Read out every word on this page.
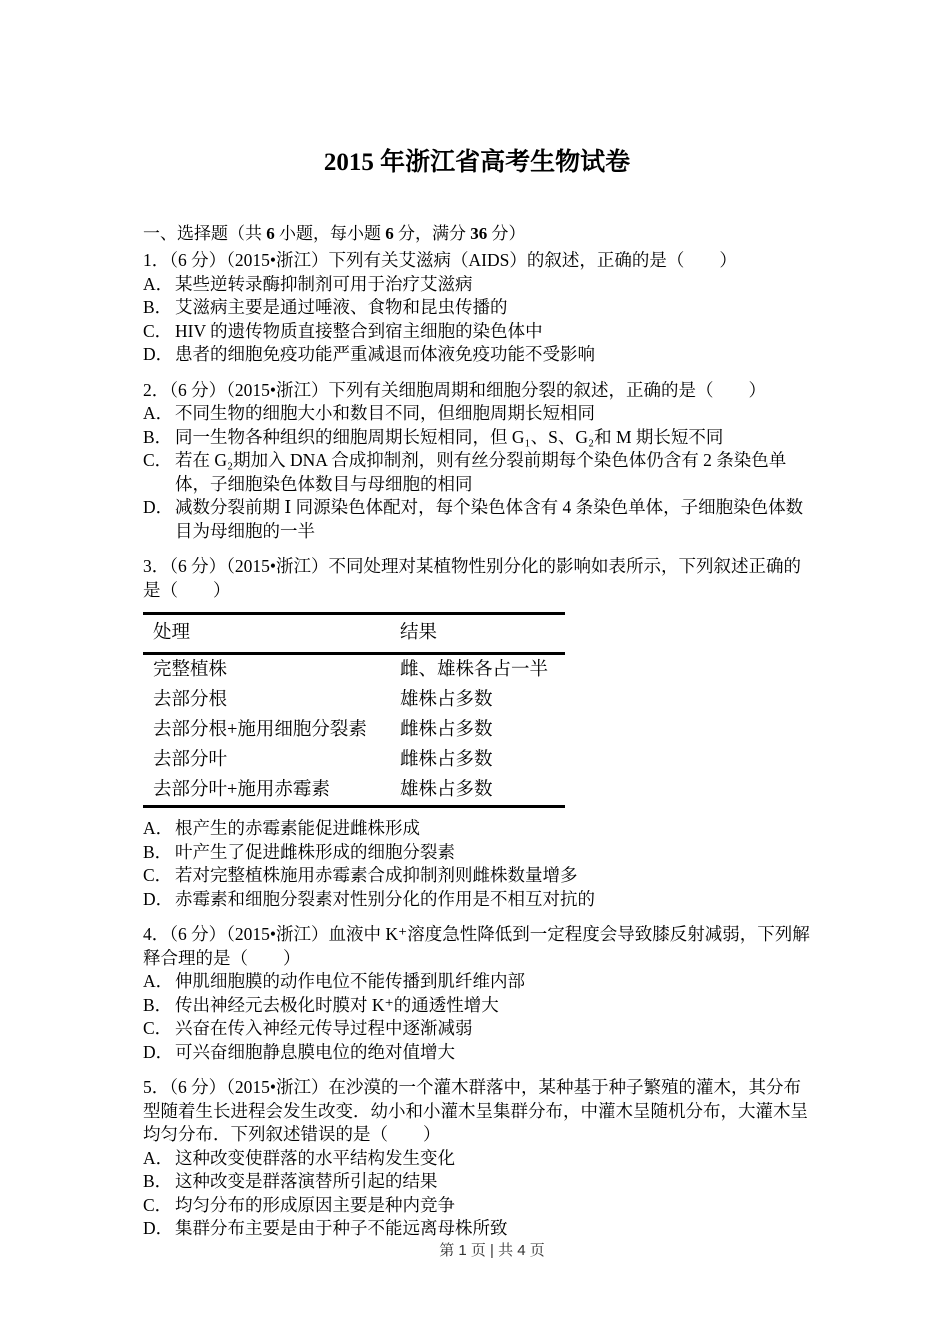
2015 年浙江省高考生物试卷
一、选择题（共 6 小题，每小题 6 分，满分 36 分）

1．（6 分）（2015•浙江）下列有关艾滋病（AIDS）的叙述，正确的是（　　）

A． 某些逆转录酶抑制剂可用于治疗艾滋病

B． 艾滋病主要是通过唾液、食物和昆虫传播的

C． HIV 的遗传物质直接整合到宿主细胞的染色体中

D． 患者的细胞免疫功能严重减退而体液免疫功能不受影响

2．（6 分）（2015•浙江）下列有关细胞周期和细胞分裂的叙述，正确的是（　　）

A． 不同生物的细胞大小和数目不同，但细胞周期长短相同

B． 同一生物各种组织的细胞周期长短相同，但 G₁、S、G₂和 M 期长短不同

C． 若在 G₂期加入 DNA 合成抑制剂，则有丝分裂前期每个染色体仍含有 2 条染色单体，子细胞染色体数目与母细胞的相同

D． 减数分裂前期 Ⅰ 同源染色体配对，每个染色体含有 4 条染色单体，子细胞染色体数目为母细胞的一半

3．（6 分）（2015•浙江）不同处理对某植物性别分化的影响如表所示，下列叙述正确的是（　　）

处理	结果
完整植株	雌、雄株各占一半
去部分根	雄株占多数
去部分根+施用细胞分裂素	雌株占多数
去部分叶	雌株占多数
去部分叶+施用赤霉素	雄株占多数

A． 根产生的赤霉素能促进雌株形成

B． 叶产生了促进雌株形成的细胞分裂素

C． 若对完整植株施用赤霉素合成抑制剂则雌株数量增多

D． 赤霉素和细胞分裂素对性别分化的作用是不相互对抗的

4．（6 分）（2015•浙江）血液中 K⁺溶度急性降低到一定程度会导致膝反射减弱，下列解释合理的是（　　）

A． 伸肌细胞膜的动作电位不能传播到肌纤维内部

B． 传出神经元去极化时膜对 K⁺的通透性增大

C． 兴奋在传入神经元传导过程中逐渐减弱

D． 可兴奋细胞静息膜电位的绝对值增大

5．（6 分）（2015•浙江）在沙漠的一个灌木群落中，某种基于种子繁殖的灌木，其分布型随着生长进程会发生改变．幼小和小灌木呈集群分布，中灌木呈随机分布，大灌木呈均匀分布．下列叙述错误的是（　　）

A． 这种改变使群落的水平结构发生变化

B． 这种改变是群落演替所引起的结果

C． 均匀分布的形成原因主要是种内竞争

D． 集群分布主要是由于种子不能远离母株所致

第 1 页 | 共 4 页
